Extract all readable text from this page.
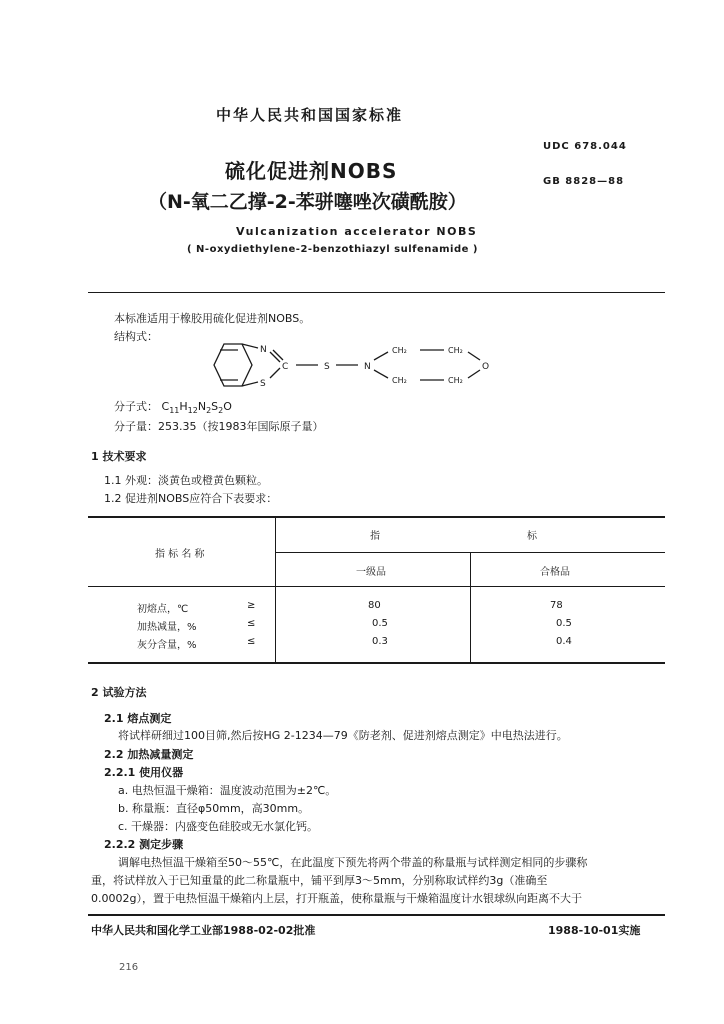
中华人民共和国国家标准
UDC 678.044
硫化促进剂NOBS	GB 8828—88
（N-氧二乙撑-2-苯骈噻唑次磺酰胺）
Vulcanization accelerator NOBS
( N-oxydiethylene-2-benzothiazyl sulfenamide )
本标准适用于橡胶用硫化促进剂NOBS。
结构式：
N
S
C	S	N
CH₂	CH₂
CH₂	CH₂
O
分子式： $C_{11}H_{12}N_2S_2O$
分子量：253.35（按1983年国际原子量）
1 技术要求
1.1 外观：淡黄色或橙黄色颗粒。
1.2 促进剂NOBS应符合下表要求：
指 标 名 称
指	标
一级品	合格品
初熔点，℃	≥	80	78
加热减量，%	≤	0.5	0.5
灰分含量，%	≤	0.3	0.4
2 试验方法
2.1 熔点测定
将试样研细过100目筛,然后按HG 2-1234—79《防老剂、促进剂熔点测定》中电热法进行。
2.2 加热减量测定
2.2.1 使用仪器
a. 电热恒温干燥箱：温度波动范围为±2℃。
b. 称量瓶：直径φ50mm，高30mm。
c. 干燥器：内盛变色硅胶或无水氯化钙。
2.2.2 测定步骤
调解电热恒温干燥箱至50～55℃，在此温度下预先将两个带盖的称量瓶与试样测定相同的步骤称
重，将试样放入于已知重量的此二称量瓶中，铺平到厚3～5mm，分别称取试样约3g（准确至
0.0002g），置于电热恒温干燥箱内上层，打开瓶盖，使称量瓶与干燥箱温度计水银球纵向距离不大于
中华人民共和国化学工业部1988-02-02批准	1988-10-01实施
216
